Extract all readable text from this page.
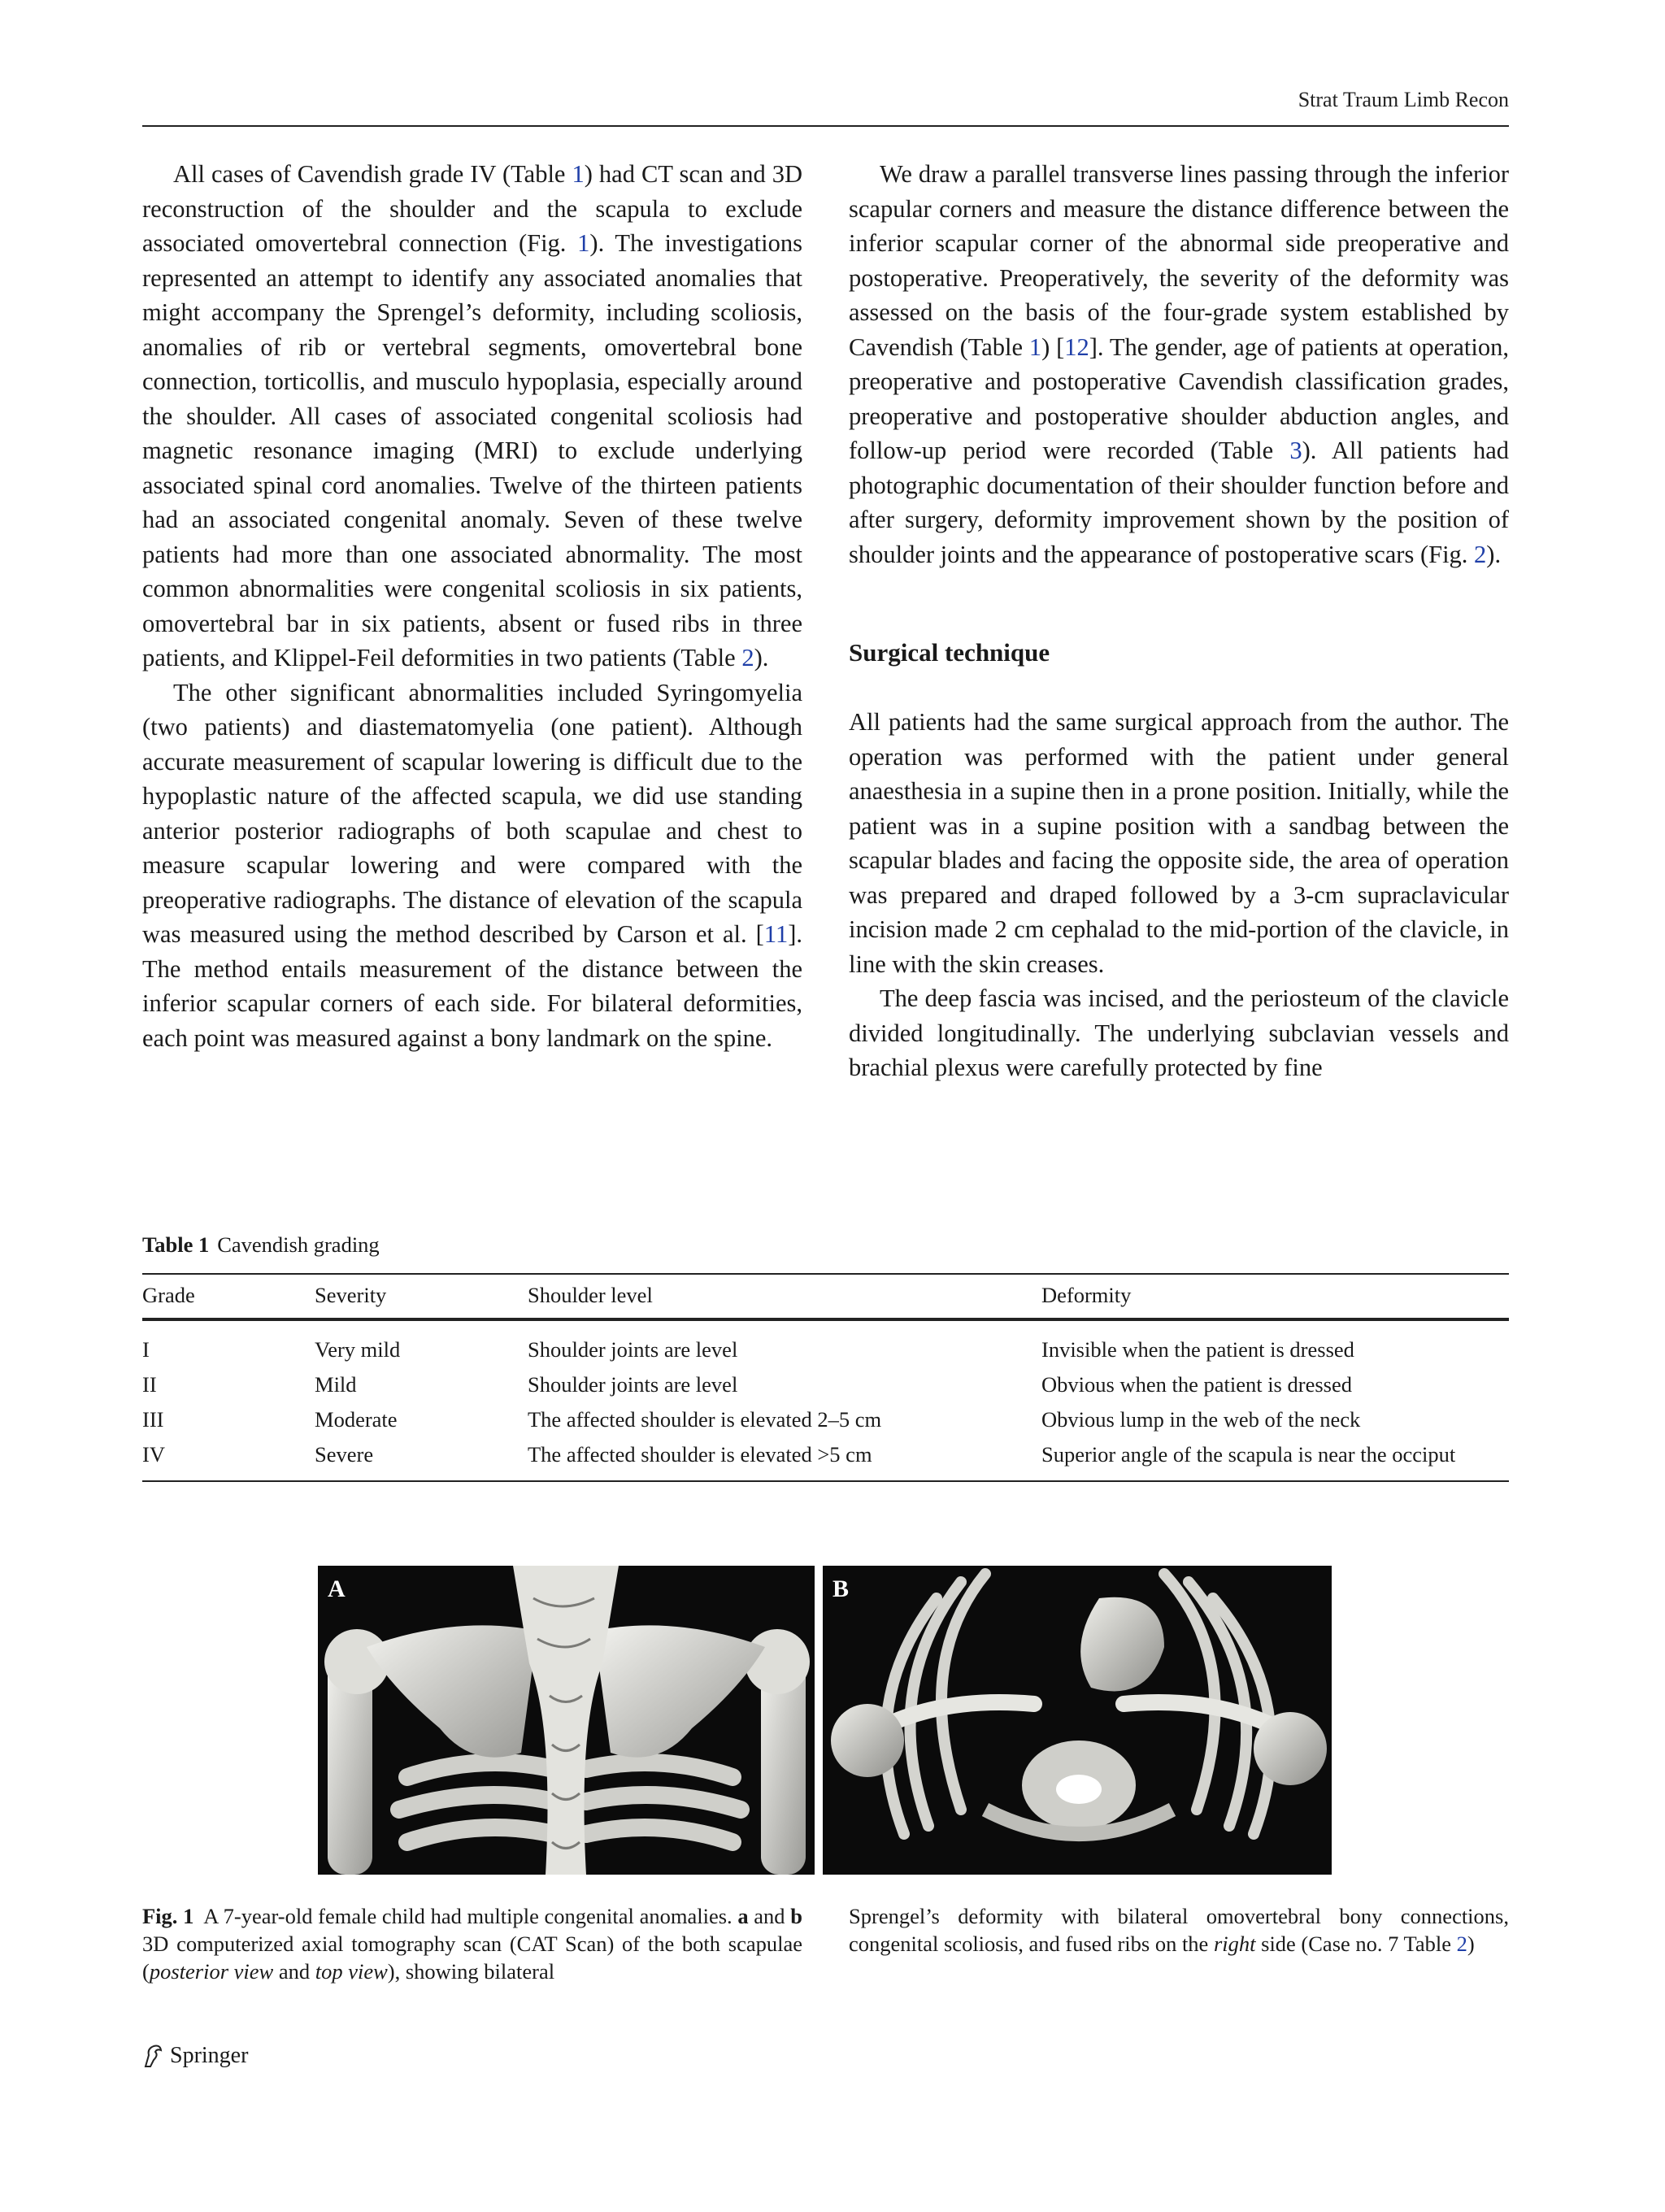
Strat Traum Limb Recon

All cases of Cavendish grade IV (Table 1) had CT scan and 3D reconstruction of the shoulder and the scapula to exclude associated omovertebral connection (Fig. 1). The investigations represented an attempt to identify any associated anomalies that might accompany the Sprengel’s deformity, including scoliosis, anomalies of rib or vertebral segments, omovertebral bone connection, torticollis, and musculo hypoplasia, especially around the shoulder. All cases of associated congenital scoliosis had magnetic resonance imaging (MRI) to exclude underlying associated spinal cord anomalies. Twelve of the thirteen patients had an associated congenital anomaly. Seven of these twelve patients had more than one associated abnormality. The most common abnormalities were congenital scoliosis in six patients, omovertebral bar in six patients, absent or fused ribs in three patients, and Klippel-Feil deformities in two patients (Table 2).

The other significant abnormalities included Syringomyelia (two patients) and diastematomyelia (one patient). Although accurate measurement of scapular lowering is difficult due to the hypoplastic nature of the affected scapula, we did use standing anterior posterior radiographs of both scapulae and chest to measure scapular lowering and were compared with the preoperative radiographs. The distance of elevation of the scapula was measured using the method described by Carson et al. [11]. The method entails measurement of the distance between the inferior scapular corners of each side. For bilateral deformities, each point was measured against a bony landmark on the spine.

We draw a parallel transverse lines passing through the inferior scapular corners and measure the distance difference between the inferior scapular corner of the abnormal side preoperative and postoperative. Preoperatively, the severity of the deformity was assessed on the basis of the four-grade system established by Cavendish (Table 1) [12]. The gender, age of patients at operation, preoperative and postoperative Cavendish classification grades, preoperative and postoperative shoulder abduction angles, and follow-up period were recorded (Table 3). All patients had photographic documentation of their shoulder function before and after surgery, deformity improvement shown by the position of shoulder joints and the appearance of postoperative scars (Fig. 2).

Surgical technique

All patients had the same surgical approach from the author. The operation was performed with the patient under general anaesthesia in a supine then in a prone position. Initially, while the patient was in a supine position with a sandbag between the scapular blades and facing the opposite side, the area of operation was prepared and draped followed by a 3-cm supraclavicular incision made 2 cm cephalad to the mid-portion of the clavicle, in line with the skin creases.

The deep fascia was incised, and the periosteum of the clavicle divided longitudinally. The underlying subclavian vessels and brachial plexus were carefully protected by fine

Table 1 Cavendish grading
Grade	Severity	Shoulder level	Deformity
I	Very mild	Shoulder joints are level	Invisible when the patient is dressed
II	Mild	Shoulder joints are level	Obvious when the patient is dressed
III	Moderate	The affected shoulder is elevated 2–5 cm	Obvious lump in the web of the neck
IV	Severe	The affected shoulder is elevated >5 cm	Superior angle of the scapula is near the occiput
A	B
Fig. 1 A 7-year-old female child had multiple congenital anomalies. a and b 3D computerized axial tomography scan (CAT Scan) of the both scapulae (posterior view and top view), showing bilateral
Sprengel’s deformity with bilateral omovertebral bony connections, congenital scoliosis, and fused ribs on the right side (Case no. 7 Table 2)
Springer
